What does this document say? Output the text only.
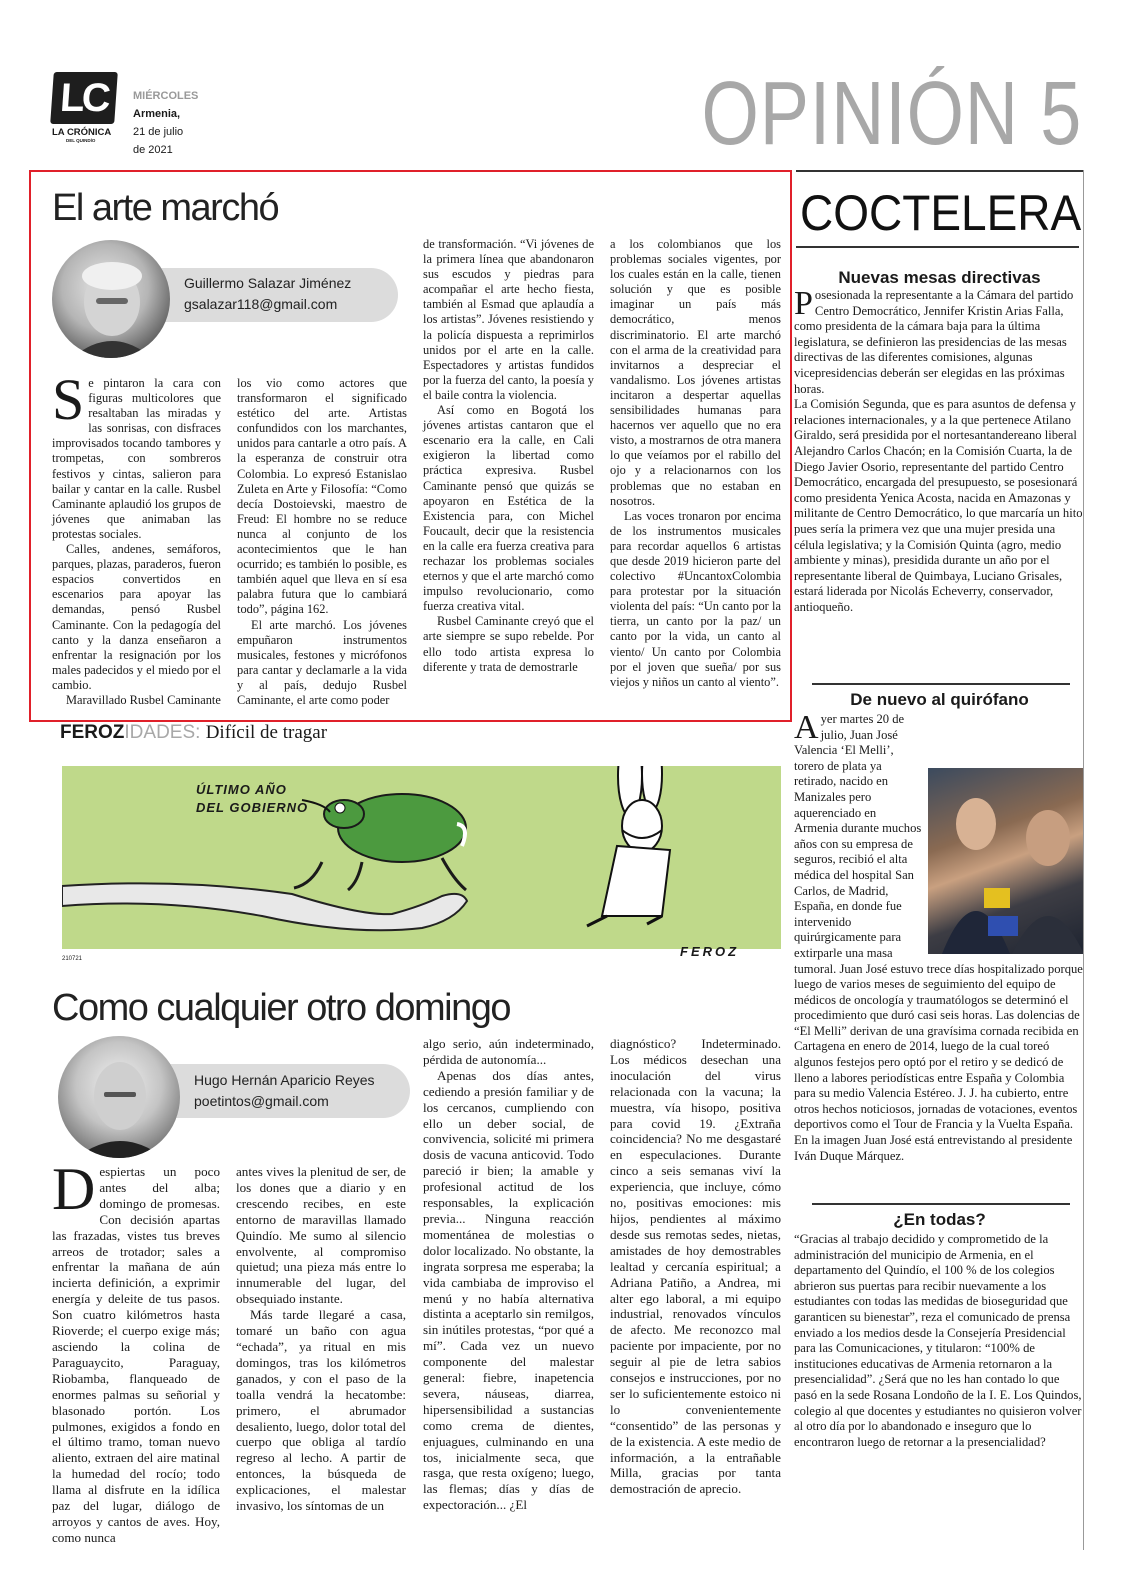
LC
LA CRÓNICA
DEL QUINDÍO
MIÉRCOLES
Armenia,
21 de julio
de 2021	OPINIÓN 5
El arte marchó
Guillermo Salazar Jiménez
gsalazar118@gmail.com

Se pintaron la cara con figuras multicolores que resaltaban las miradas y las sonrisas, con disfraces improvisados tocando tambores y trompetas, con sombreros festivos y cintas, salieron para bailar y cantar en la calle. Rusbel Caminante aplaudió los grupos de jóvenes que animaban las protestas sociales.

Calles, andenes, semáforos, parques, plazas, paraderos, fueron espacios convertidos en escenarios para apoyar las demandas, pensó Rusbel Caminante. Con la pedagogía del canto y la danza enseñaron a enfrentar la resignación por los males padecidos y el miedo por el cambio.

Maravillado Rusbel Caminante

los vio como actores que transformaron el significado estético del arte. Artistas confundidos con los marchantes, unidos para cantarle a otro país. A la esperanza de construir otra Colombia. Lo expresó Estanislao Zuleta en Arte y Filosofía: “Como decía Dostoievski, maestro de Freud: El hombre no se reduce nunca al conjunto de los acontecimientos que le han ocurrido; es también lo posible, es también aquel que lleva en sí esa palabra futura que lo cambiará todo”, página 162.

El arte marchó. Los jóvenes empuñaron instrumentos musicales, festones y micrófonos para cantar y declamarle a la vida y al país, dedujo Rusbel Caminante, el arte como poder

de transformación. “Vi jóvenes de la primera línea que abandonaron sus escudos y piedras para acompañar el arte hecho fiesta, también al Esmad que aplaudía a los artistas”. Jóvenes resistiendo y la policía dispuesta a reprimirlos unidos por el arte en la calle. Espectadores y artistas fundidos por la fuerza del canto, la poesía y el baile contra la violencia.

Así como en Bogotá los jóvenes artistas cantaron que el escenario era la calle, en Cali exigieron la libertad como práctica expresiva. Rusbel Caminante pensó que quizás se apoyaron en Estética de la Existencia para, con Michel Foucault, decir que la resistencia en la calle era fuerza creativa para rechazar los problemas sociales eternos y que el arte marchó como impulso revolucionario, como fuerza creativa vital.

Rusbel Caminante creyó que el arte siempre se supo rebelde. Por ello todo artista expresa lo diferente y trata de demostrarle

a los colombianos que los problemas sociales vigentes, por los cuales están en la calle, tienen solución y que es posible imaginar un país más democrático, menos discriminatorio. El arte marchó con el arma de la creatividad para invitarnos a despreciar el vandalismo. Los jóvenes artistas incitaron a despertar aquellas sensibilidades humanas para hacernos ver aquello que no era visto, a mostrarnos de otra manera lo que veíamos por el rabillo del ojo y a relacionarnos con los problemas que no estaban en nosotros.

Las voces tronaron por encima de los instrumentos musicales para recordar aquellos 6 artistas que desde 2019 hicieron parte del colectivo #UncantoxColombia para protestar por la situación violenta del país: “Un canto por la tierra, un canto por la paz/ un canto por la vida, un canto al viento/ Un canto por Colombia por el joven que sueña/ por sus viejos y niños un canto al viento”.

FEROZIDADES: Difícil de tragar
ÚLTIMO AÑO
DEL GOBIERNO
210721	FEROZ
Como cualquier otro domingo
Hugo Hernán Aparicio Reyes
poetintos@gmail.com

Despiertas un poco antes del alba; domingo de promesas. Con decisión apartas las frazadas, vistes tus breves arreos de trotador; sales a enfrentar la mañana de aún incierta definición, a exprimir energía y deleite de tus pasos. Son cuatro kilómetros hasta Rioverde; el cuerpo exige más; asciendo la colina de Paraguaycito, Paraguay, Riobamba, flanqueado de enormes palmas su señorial y blasonado portón. Los pulmones, exigidos a fondo en el último tramo, toman nuevo aliento, extraen del aire matinal la humedad del rocío; todo llama al disfrute en la idílica paz del lugar, diálogo de arroyos y cantos de aves. Hoy, como nunca

antes vives la plenitud de ser, de los dones que a diario y en crescendo recibes, en este entorno de maravillas llamado Quindío. Me sumo al silencio envolvente, al compromiso quietud; una pieza más entre lo innumerable del lugar, del obsequiado instante.

Más tarde llegaré a casa, tomaré un baño con agua “echada”, ya ritual en mis domingos, tras los kilómetros ganados, y con el paso de la toalla vendrá la hecatombe: primero, el abrumador desaliento, luego, dolor total del cuerpo que obliga al tardío regreso al lecho. A partir de entonces, la búsqueda de explicaciones, el malestar invasivo, los síntomas de un

algo serio, aún indeterminado, pérdida de autonomía...

Apenas dos días antes, cediendo a presión familiar y de los cercanos, cumpliendo con ello un deber social, de convivencia, solicité mi primera dosis de vacuna anticovid. Todo pareció ir bien; la amable y profesional actitud de los responsables, la explicación previa... Ninguna reacción momentánea de molestias o dolor localizado. No obstante, la ingrata sorpresa me esperaba; la vida cambiaba de improviso el menú y no había alternativa distinta a aceptarlo sin remilgos, sin inútiles protestas, “por qué a mí”. Cada vez un nuevo componente del malestar general: fiebre, inapetencia severa, náuseas, diarrea, hipersensibilidad a sustancias como crema de dientes, enjuagues, culminando en una tos, inicialmente seca, que rasga, que resta oxígeno; luego, las flemas; días y días de expectoración... ¿El

diagnóstico? Indeterminado. Los médicos desechan una inoculación del virus relacionada con la vacuna; la muestra, vía hisopo, positiva para covid 19. ¿Extraña coincidencia? No me desgastaré en especulaciones. Durante cinco a seis semanas viví la experiencia, que incluye, cómo no, positivas emociones: mis hijos, pendientes al máximo desde sus remotas sedes, nietas, amistades de hoy demostrables lealtad y cercanía espiritual; a Adriana Patiño, a Andrea, mi alter ego laboral, a mi equipo industrial, renovados vínculos de afecto. Me reconozco mal paciente por impaciente, por no seguir al pie de letra sabios consejos e instrucciones, por no ser lo suficientemente estoico ni lo convenientemente “consentido” de las personas y de la existencia. A este medio de información, a la entrañable Milla, gracias por tanta demostración de aprecio.

COCTELERA
Nuevas mesas directivas

Posesionada la representante a la Cámara del partido Centro Democrático, Jennifer Kristin Arias Falla, como presidenta de la cámara baja para la última legislatura, se definieron las presidencias de las mesas directivas de las diferentes comisiones, algunas vicepresidencias deberán ser elegidas en las próximas horas.

La Comisión Segunda, que es para asuntos de defensa y relaciones internacionales, y a la que pertenece Atilano Giraldo, será presidida por el nortesantandereano liberal Alejandro Carlos Chacón; en la Comisión Cuarta, la de Diego Javier Osorio, representante del partido Centro Democrático, encargada del presupuesto, se posesionará como presidenta Yenica Acosta, nacida en Amazonas y militante de Centro Democrático, lo que marcaría un hito pues sería la primera vez que una mujer presida una célula legislativa; y la Comisión Quinta (agro, medio ambiente y minas), presidida durante un año por el representante liberal de Quimbaya, Luciano Grisales, estará liderada por Nicolás Echeverry, conservador, antioqueño.

De nuevo al quirófano

Ayer martes 20 de julio, Juan José Valencia ‘El Melli’, torero de plata ya retirado, nacido en Manizales pero aquerenciado en Armenia durante muchos años con su empresa de seguros, recibió el alta médica del hospital San Carlos, de Madrid, España, en donde fue intervenido quirúrgicamente para extirparle una masa tumoral. Juan José estuvo trece días hospitalizado porque luego de varios meses de seguimiento del equipo de médicos de oncología y traumatólogos se determinó el procedimiento que duró casi seis horas. Las dolencias de “El Melli” derivan de una gravísima cornada recibida en Cartagena en enero de 2014, luego de la cual toreó algunos festejos pero optó por el retiro y se dedicó de lleno a labores periodísticas entre España y Colombia para su medio Valencia Estéreo. J. J. ha cubierto, entre otros hechos noticiosos, jornadas de votaciones, eventos deportivos como el Tour de Francia y la Vuelta España. En la imagen Juan José está entrevistando al presidente Iván Duque Márquez.

¿En todas?

“Gracias al trabajo decidido y comprometido de la administración del municipio de Armenia, en el departamento del Quindío, el 100 % de los colegios abrieron sus puertas para recibir nuevamente a los estudiantes con todas las medidas de bioseguridad que garanticen su bienestar”, reza el comunicado de prensa enviado a los medios desde la Consejería Presidencial para las Comunicaciones, y titularon: “100% de instituciones educativas de Armenia retornaron a la presencialidad”. ¿Será que no les han contado lo que pasó en la sede Rosana Londoño de la I. E. Los Quindos, colegio al que docentes y estudiantes no quisieron volver al otro día por lo abandonado e inseguro que lo encontraron luego de retornar a la presencialidad?
